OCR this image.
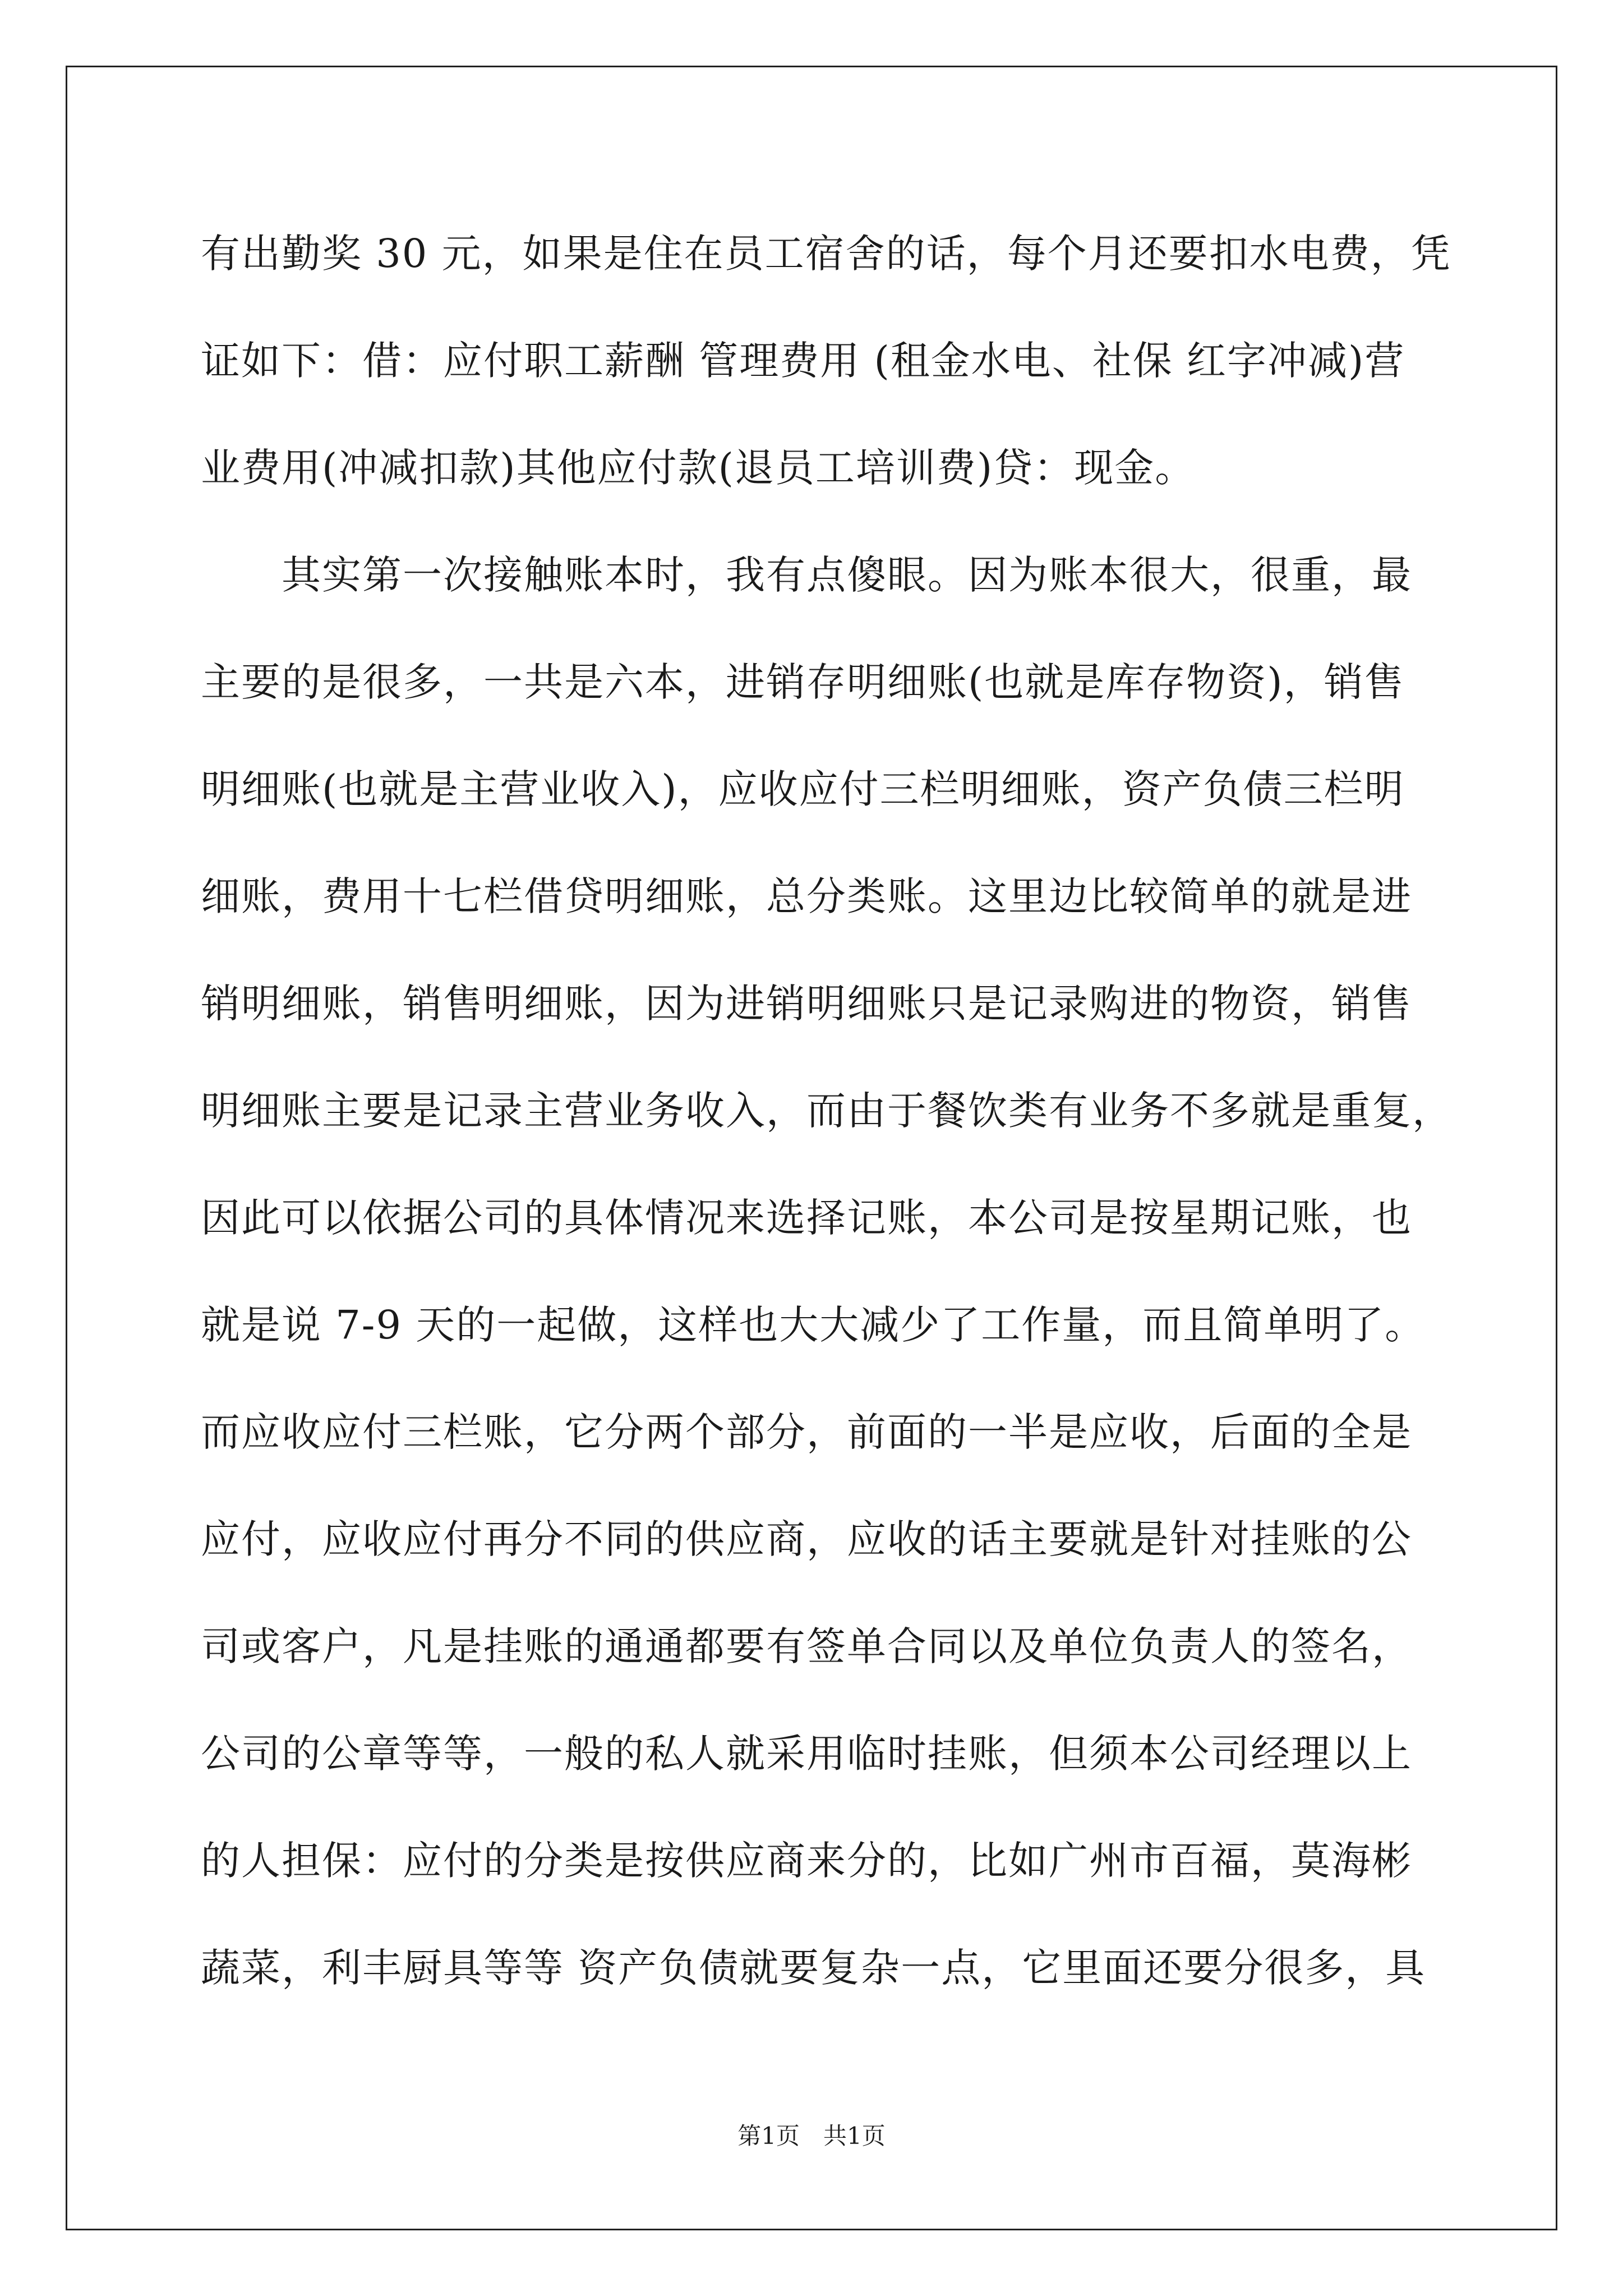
有出勤奖 30 元，如果是住在员工宿舍的话，每个月还要扣水电费，凭
证如下：借：应付职工薪酬 管理费用 (租金水电、社保 红字冲减)营
业费用(冲减扣款)其他应付款(退员工培训费)贷：现金。
　　其实第一次接触账本时，我有点傻眼。因为账本很大，很重，最
主要的是很多，一共是六本，进销存明细账(也就是库存物资)，销售
明细账(也就是主营业收入)，应收应付三栏明细账，资产负债三栏明
细账，费用十七栏借贷明细账，总分类账。这里边比较简单的就是进
销明细账，销售明细账，因为进销明细账只是记录购进的物资，销售
明细账主要是记录主营业务收入，而由于餐饮类有业务不多就是重复，
因此可以依据公司的具体情况来选择记账，本公司是按星期记账，也
就是说 7-9 天的一起做，这样也大大减少了工作量，而且简单明了。
而应收应付三栏账，它分两个部分，前面的一半是应收，后面的全是
应付，应收应付再分不同的供应商，应收的话主要就是针对挂账的公
司或客户，凡是挂账的通通都要有签单合同以及单位负责人的签名，
公司的公章等等，一般的私人就采用临时挂账，但须本公司经理以上
的人担保：应付的分类是按供应商来分的，比如广州市百福，莫海彬
蔬菜，利丰厨具等等 资产负债就要复杂一点，它里面还要分很多，具
第1页　共1页
